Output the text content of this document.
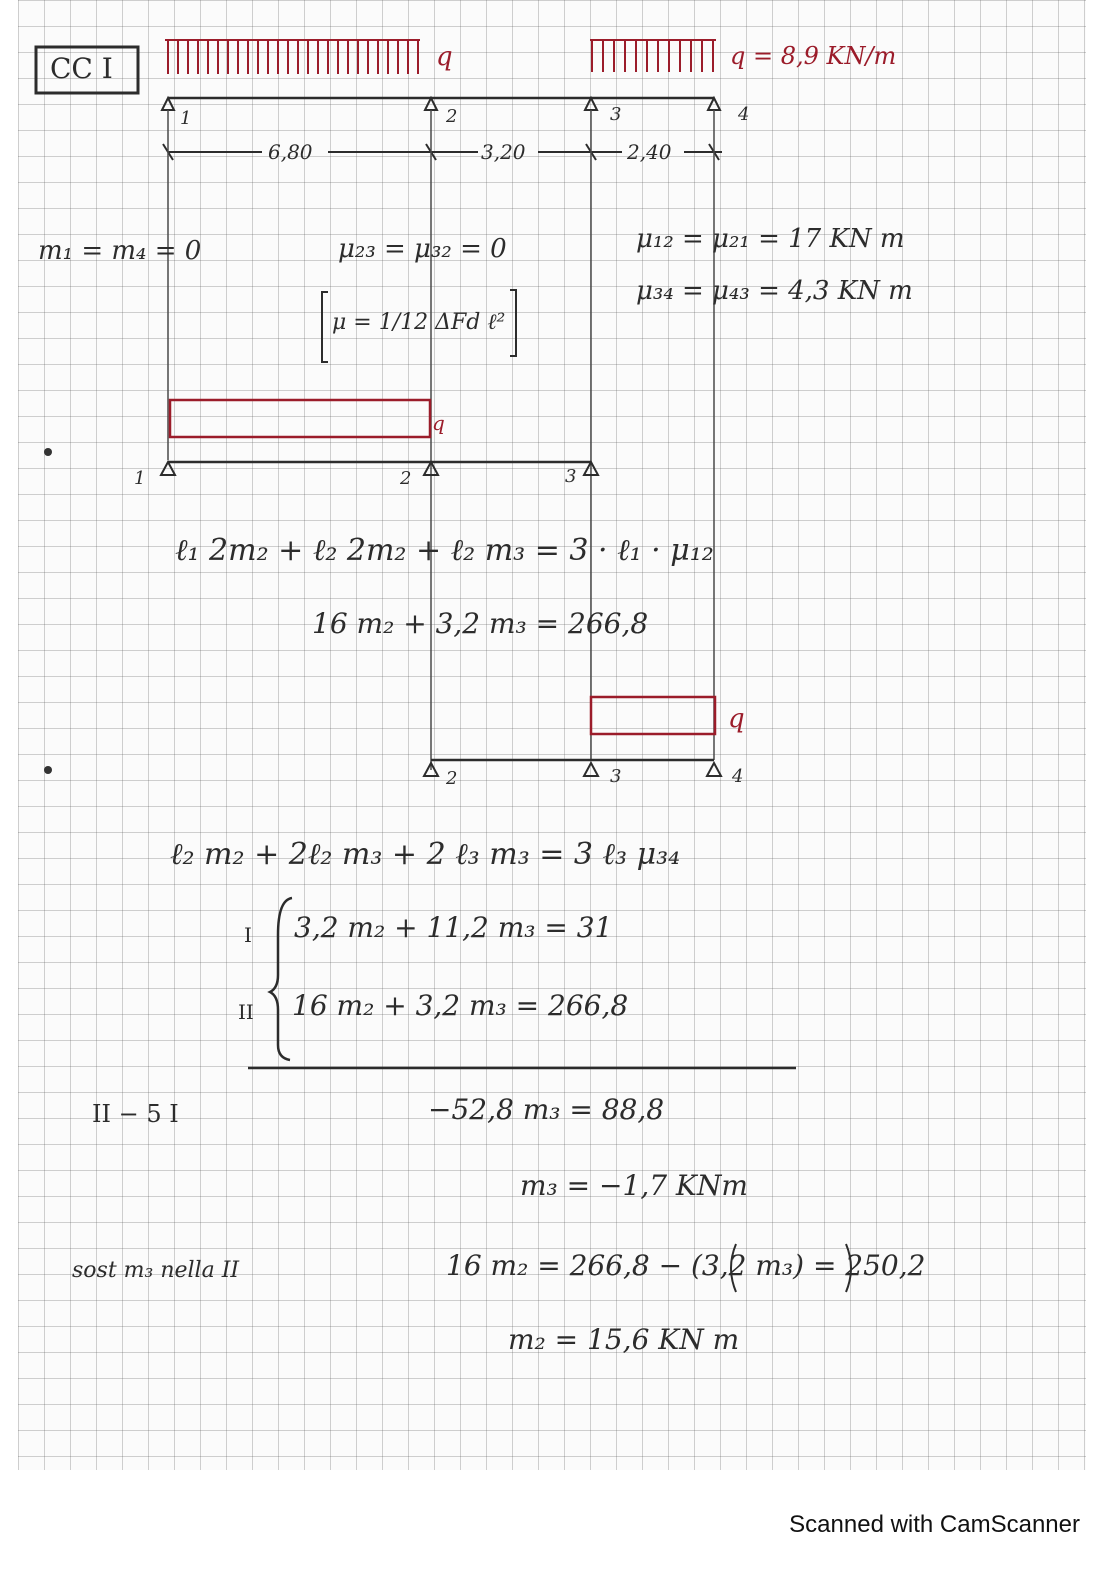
CC I	q	q = 8,9 KN/m
1	2	3	4
6,80	3,20	2,40
m₁ = m₄ = 0	μ₂₃ = μ₃₂ = 0	μ₁₂ = μ₂₁ = 17 KN m
μ₃₄ = μ₄₃ = 4,3 KN m
μ = 1/12 ΔFd ℓ²
q
1	2	3
ℓ₁ 2m₂ + ℓ₂ 2m₂ + ℓ₂ m₃ = 3 · ℓ₁ · μ₁₂
16 m₂ + 3,2 m₃ = 266,8
q
2	3	4
ℓ₂ m₂ + 2ℓ₂ m₃ + 2 ℓ₃ m₃ = 3 ℓ₃ μ₃₄
I 3,2 m₂ + 11,2 m₃ = 31
II 16 m₂ + 3,2 m₃ = 266,8
II − 5 I	−52,8 m₃ = 88,8
m₃ = −1,7 KNm
sost m₃ nella II	16 m₂ = 266,8 − (3,2 m₃) = 250,2
m₂ = 15,6 KN m
Scanned with CamScanner
